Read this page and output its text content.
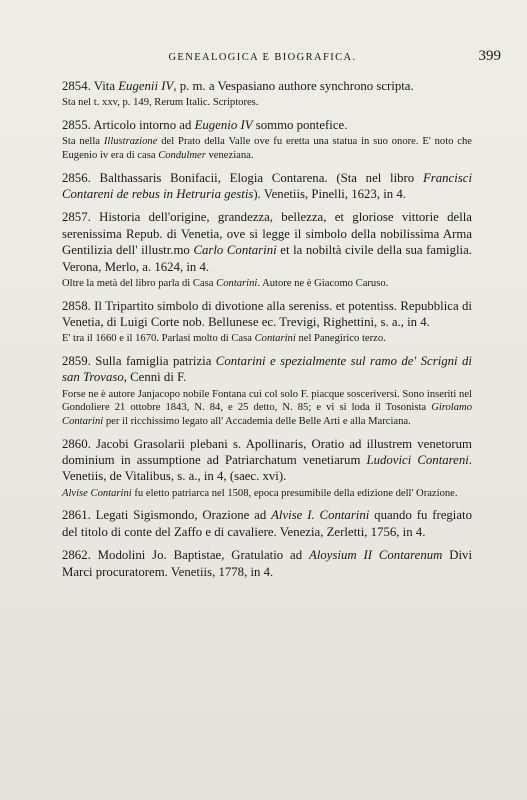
GENEALOGICA E BIOGRAFICA.	399

2854. Vita Eugenii IV, p. m. a Vespasiano authore synchrono scripta.

Sta nel t. xxv, p. 149, Rerum Italic. Scriptores.

2855. Articolo intorno ad Eugenio IV sommo pontefice.

Sta nella Illustrazione del Prato della Valle ove fu eretta una statua in suo onore. E' noto che Eugenio iv era di casa Condulmer veneziana.

2856. Balthassaris Bonifacii, Elogia Contarena. (Sta nel libro Francisci Contareni de rebus in Hetruria gestis). Venetiis, Pinelli, 1623, in 4.

2857. Historia dell'origine, grandezza, bellezza, et gloriose vittorie della serenissima Repub. di Venetia, ove si legge il simbolo della nobilissima Arma Gentilizia dell' illustr.mo Carlo Contarini et la nobiltà civile della sua famiglia. Verona, Merlo, a. 1624, in 4.

Oltre la metà del libro parla di Casa Contarini. Autore ne è Giacomo Caruso.

2858. Il Tripartito simbolo di divotione alla sereniss. et potentiss. Repubblica di Venetia, di Luigi Corte nob. Bellunese ec. Trevigi, Righettini, s. a., in 4.

E' tra il 1660 e il 1670. Parlasi molto di Casa Contarini nel Panegirico terzo.

2859. Sulla famiglia patrizia Contarini e spezialmente sul ramo de' Scrigni di san Trovaso, Cenni di F.

Forse ne è autore Janjacopo nobile Fontana cui col solo F. piacque sosceriversi. Sono inseriti nel Gondoliere 21 ottobre 1843, N. 84, e 25 detto, N. 85; e vi si loda il Tosonista Girolamo Contarini per il ricchissimo legato all' Accademia delle Belle Arti e alla Marciana.

2860. Jacobi Grasolarii plebani s. Apollinaris, Oratio ad illustrem venetorum dominium in assumptione ad Patriarchatum venetiarum Ludovici Contareni. Venetiis, de Vitalibus, s. a., in 4, (saec. xvi).

Alvise Contarini fu eletto patriarca nel 1508, epoca presumibile della edizione dell' Orazione.

2861. Legati Sigismondo, Orazione ad Alvise I. Contarini quando fu fregiato del titolo di conte del Zaffo e di cavaliere. Venezia, Zerletti, 1756, in 4.

2862. Modolini Jo. Baptistae, Gratulatio ad Aloysium II Contarenum Divi Marci procuratorem. Venetiis, 1778, in 4.
